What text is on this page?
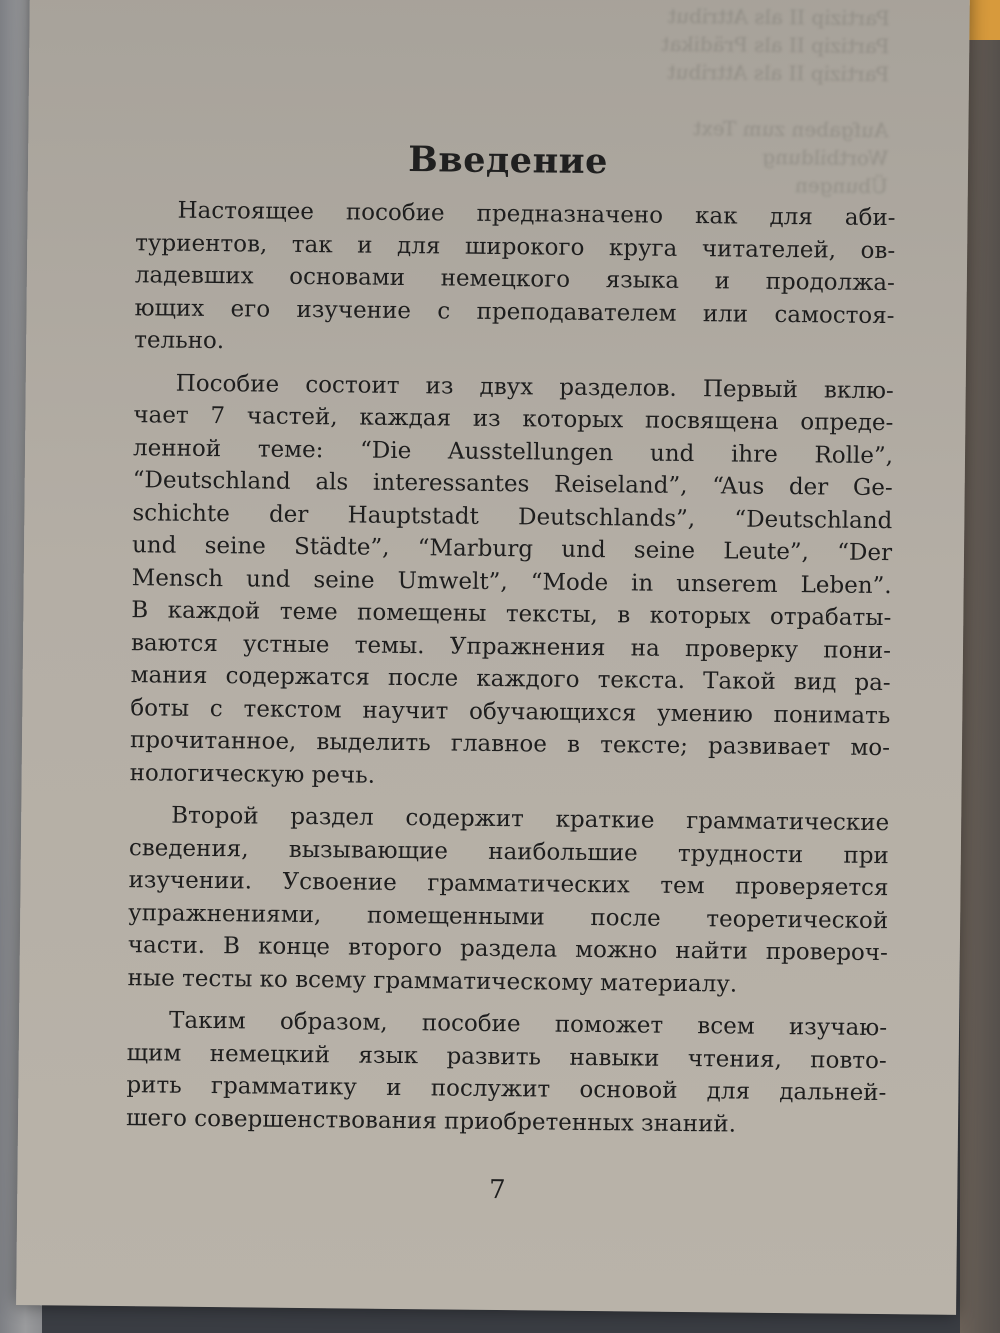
Partizip II als Attribut
Partizip II als Prädikat
Partizip II als Attribut

Aufgaben zum Text
Wortbildung
Übungen
Введение
Настоящее пособие предназначено как для аби-
туриентов, так и для широкого круга читателей, ов-
ладевших основами немецкого языка и продолжа-
ющих его изучение с преподавателем или самостоя-
тельно.
Пособие состоит из двух разделов. Первый вклю-
чает 7 частей, каждая из которых посвящена опреде-
ленной теме: “Die Ausstellungen und ihre Rolle”,
“Deutschland als interessantes Reiseland”, “Aus der Ge-
schichte der Hauptstadt Deutschlands”, “Deutschland
und seine Städte”, “Marburg und seine Leute”, “Der
Mensch und seine Umwelt”, “Mode in unserem Leben”.
В каждой теме помещены тексты, в которых отрабаты-
ваются устные темы. Упражнения на проверку пони-
мания содержатся после каждого текста. Такой вид ра-
боты с текстом научит обучающихся умению понимать
прочитанное, выделить главное в тексте; развивает мо-
нологическую речь.
Второй раздел содержит краткие грамматические
сведения, вызывающие наибольшие трудности при
изучении. Усвоение грамматических тем проверяется
упражнениями, помещенными после теоретической
части. В конце второго раздела можно найти провероч-
ные тесты ко всему грамматическому материалу.
Таким образом, пособие поможет всем изучаю-
щим немецкий язык развить навыки чтения, повто-
рить грамматику и послужит основой для дальней-
шего совершенствования приобретенных знаний.
7
